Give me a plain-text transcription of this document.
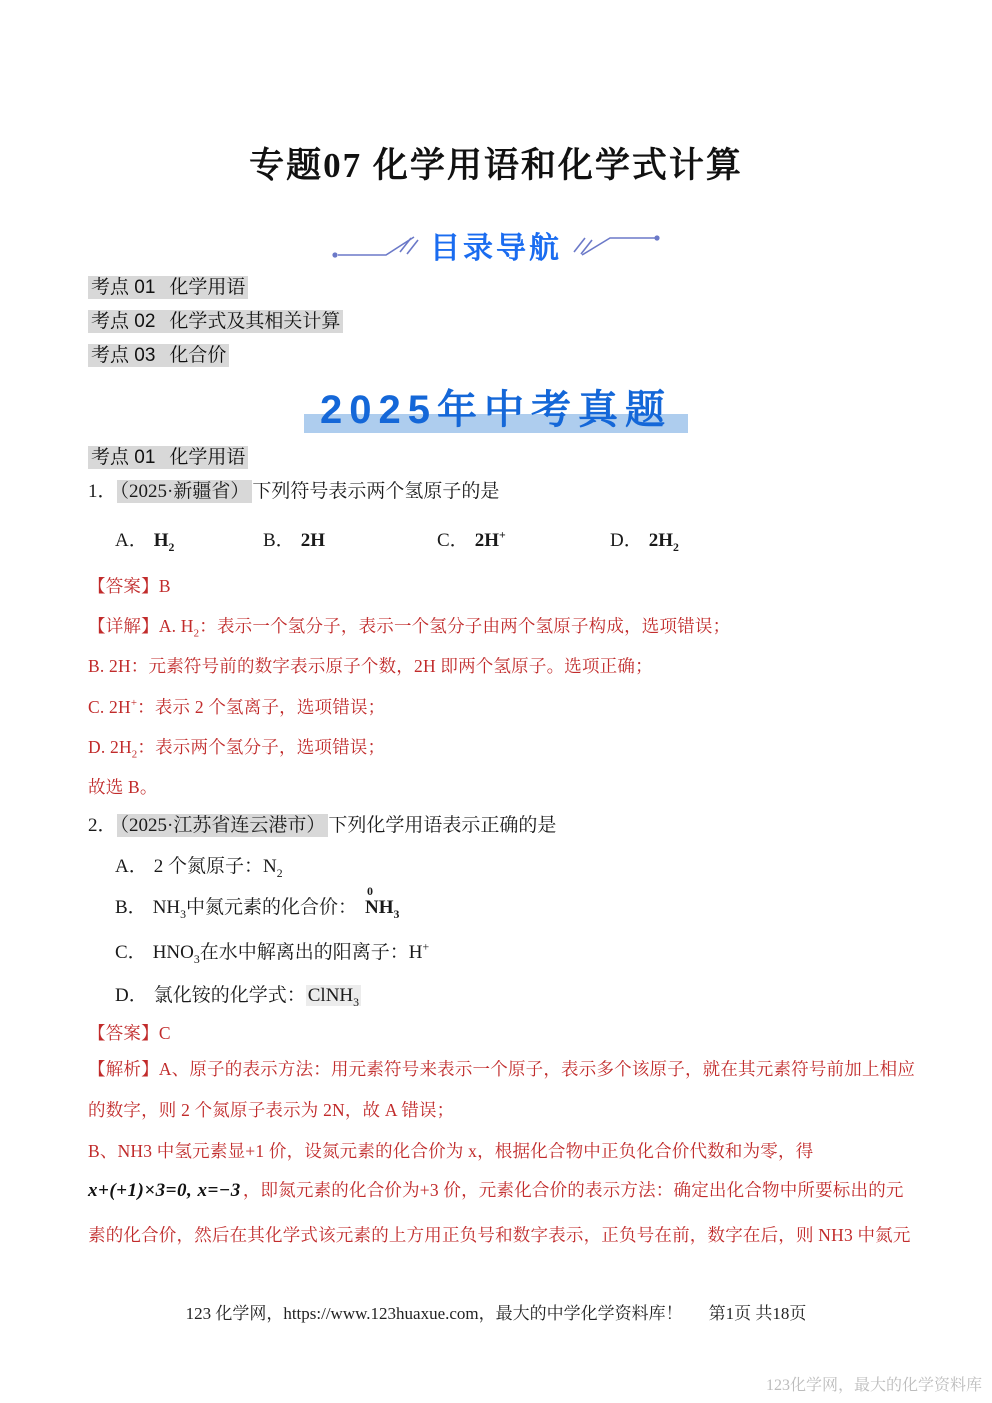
专题07 化学用语和化学式计算
目录导航

考点 01 化学用语

考点 02 化学式及其相关计算

考点 03 化合价

2025年中考真题

考点 01 化学用语

1． （2025·新疆省） 下列符号表示两个氢原子的是

A． $H_2$	B． 2H	C． 2H+	D． $2H_2$

【答案】B

【详解】A. $H_2$：表示一个氢分子，表示一个氢分子由两个氢原子构成，选项错误；

B. 2H：元素符号前的数字表示原子个数，2H 即两个氢原子。选项正确；

C. 2H+：表示 2 个氢离子，选项错误；

D. $2H_2$：表示两个氢分子，选项错误；

故选 B。

2． （2025·江苏省连云港市） 下列化学用语表示正确的是

A． 2 个氮原子：$N_2$

B． $NH_3$中氮元素的化合价：
0
$NH_3$

C． $HNO_3$在水中解离出的阳离子：H+

D． 氯化铵的化学式： ClNH$_3$

【答案】C

【解析】A、原子的表示方法：用元素符号来表示一个原子，表示多个该原子，就在其元素符号前加上相应

的数字，则 2 个氮原子表示为 2N，故 A 错误；

B、NH3 中氢元素显+1 价，设氮元素的化合价为 x，根据化合物中正负化合价代数和为零，得

x+(+1)×3=0, x=−3 ，即氮元素的化合价为+3 价，元素化合价的表示方法：确定出化合物中所要标出的元

素的化合价，然后在其化学式该元素的上方用正负号和数字表示，正负号在前，数字在后，则 NH3 中氮元

123 化学网，https://www.123huaxue.com，最大的中学化学资料库！ 第1页 共18页
123化学网，最大的化学资料库
